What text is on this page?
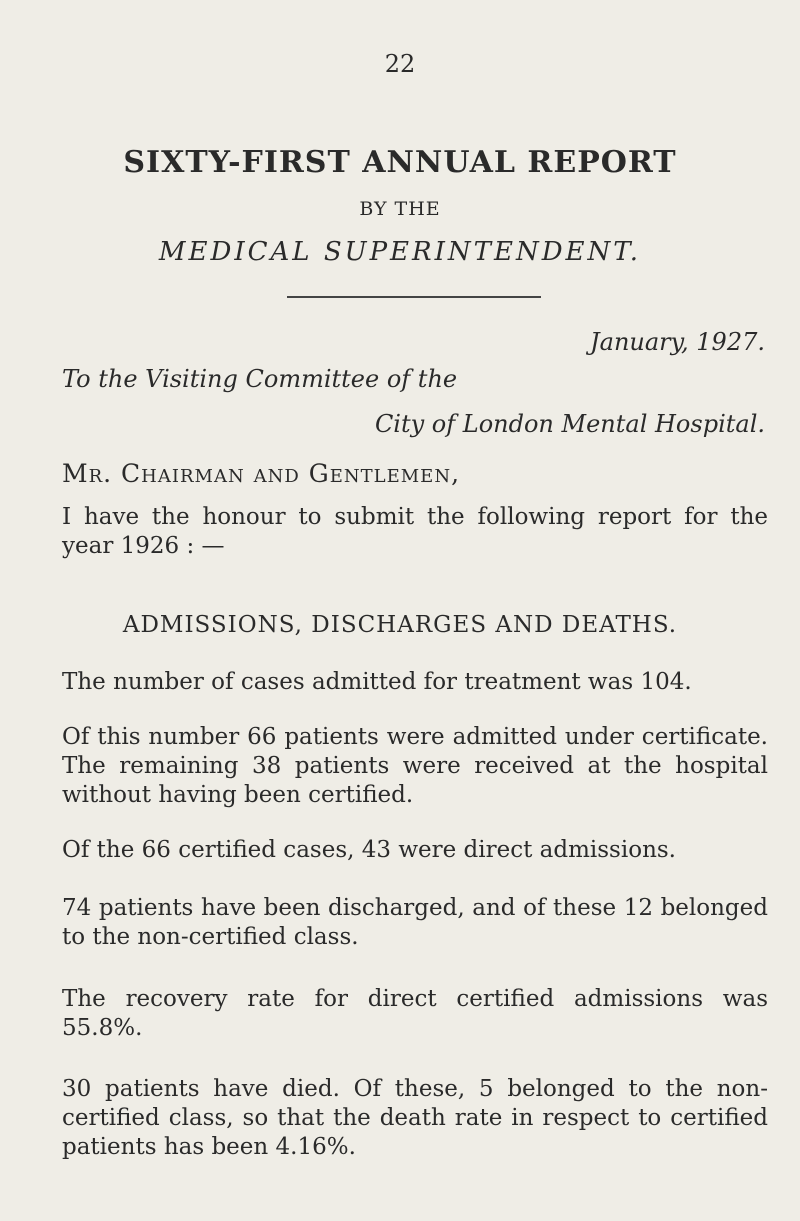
22
SIXTY-FIRST ANNUAL REPORT
BY THE
MEDICAL SUPERINTENDENT.
January, 1927.
To the Visiting Committee of the
City of London Mental Hospital.
Mr. Chairman and Gentlemen,
I have the honour to submit the following report for the year 1926 : —
ADMISSIONS, DISCHARGES AND DEATHS.
The number of cases admitted for treatment was 104.
Of this number 66 patients were admitted under certificate. The remaining 38 patients were received at the hospital without having been certified.
Of the 66 certified cases, 43 were direct admissions.
74 patients have been discharged, and of these 12 belonged to the non-certified class.
The recovery rate for direct certified admissions was 55.8%.
30 patients have died. Of these, 5 belonged to the non-certified class, so that the death rate in respect to certified patients has been 4.16%.
